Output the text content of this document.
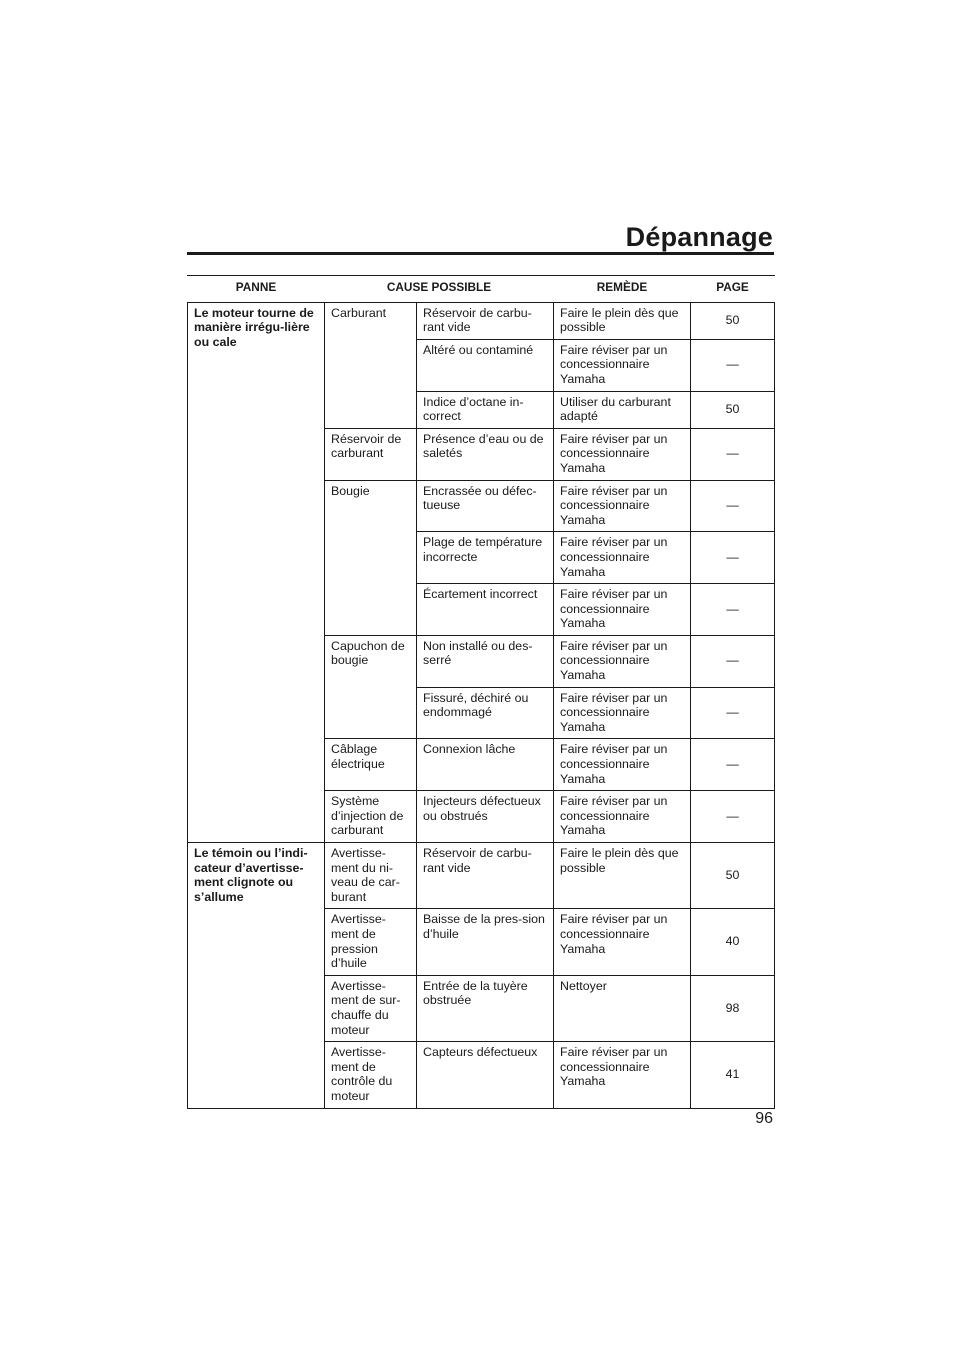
Dépannage
PANNE	CAUSE POSSIBLE		REMÈDE	PAGE
Le moteur tourne de manière irrégu-lière ou cale	Carburant	Réservoir de carbu-rant vide	Faire le plein dès que possible	50
		Altéré ou contaminé	Faire réviser par un concessionnaire Yamaha	—
		Indice d’octane in-correct	Utiliser du carburant adapté	50
	Réservoir de carburant	Présence d’eau ou de saletés	Faire réviser par un concessionnaire Yamaha	—
	Bougie	Encrassée ou défec-tueuse	Faire réviser par un concessionnaire Yamaha	—
		Plage de température incorrecte	Faire réviser par un concessionnaire Yamaha	—
		Écartement incorrect	Faire réviser par un concessionnaire Yamaha	—
	Capuchon de bougie	Non installé ou des-serré	Faire réviser par un concessionnaire Yamaha	—
		Fissuré, déchiré ou endommagé	Faire réviser par un concessionnaire Yamaha	—
	Câblage électrique	Connexion lâche	Faire réviser par un concessionnaire Yamaha	—
	Système d’injection de carburant	Injecteurs défectueux ou obstrués	Faire réviser par un concessionnaire Yamaha	—
Le témoin ou l’indi-cateur d’avertisse-ment clignote ou s’allume	Avertisse-ment du ni-veau de car-burant	Réservoir de carbu-rant vide	Faire le plein dès que possible	50
	Avertisse-ment de pression d’huile	Baisse de la pres-sion d’huile	Faire réviser par un concessionnaire Yamaha	40
	Avertisse-ment de sur-chauffe du moteur	Entrée de la tuyère obstruée	Nettoyer	98
	Avertisse-ment de contrôle du moteur	Capteurs défectueux	Faire réviser par un concessionnaire Yamaha	41
96
